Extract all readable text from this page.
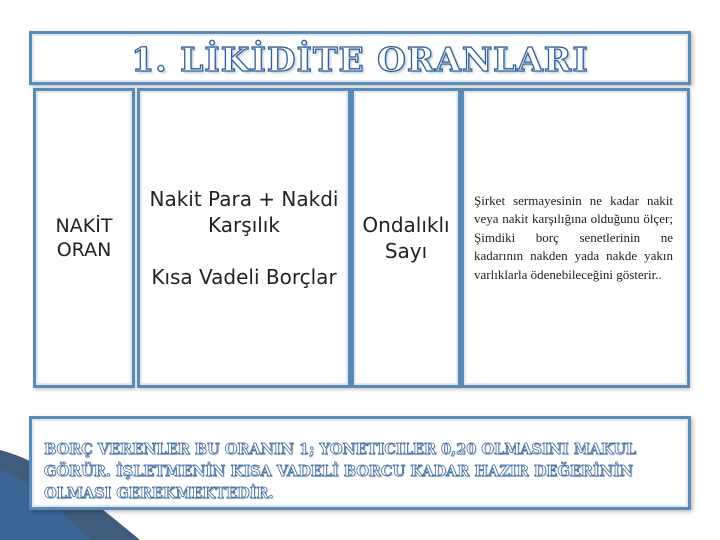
1. LİKİDİTE ORANLARI
NAKİT ORAN
Nakit Para + Nakdi Karşılık
Kısa Vadeli Borçlar
Ondalıklı Sayı
Şirket sermayesinin ne kadar nakit veya nakit karşılığına olduğunu ölçer; Şimdiki borç senetlerinin ne kadarının nakden yada nakde yakın varlıklarla ödenebileceğini gösterir..
BORÇ VERENLER BU ORANIN 1; YONETICILER 0,20 OLMASINI MAKUL GÖRÜR. İŞLETMENİN KISA VADELİ BORCU KADAR HAZIR DEĞERİNİN OLMASI GEREKMEKTEDİR.
